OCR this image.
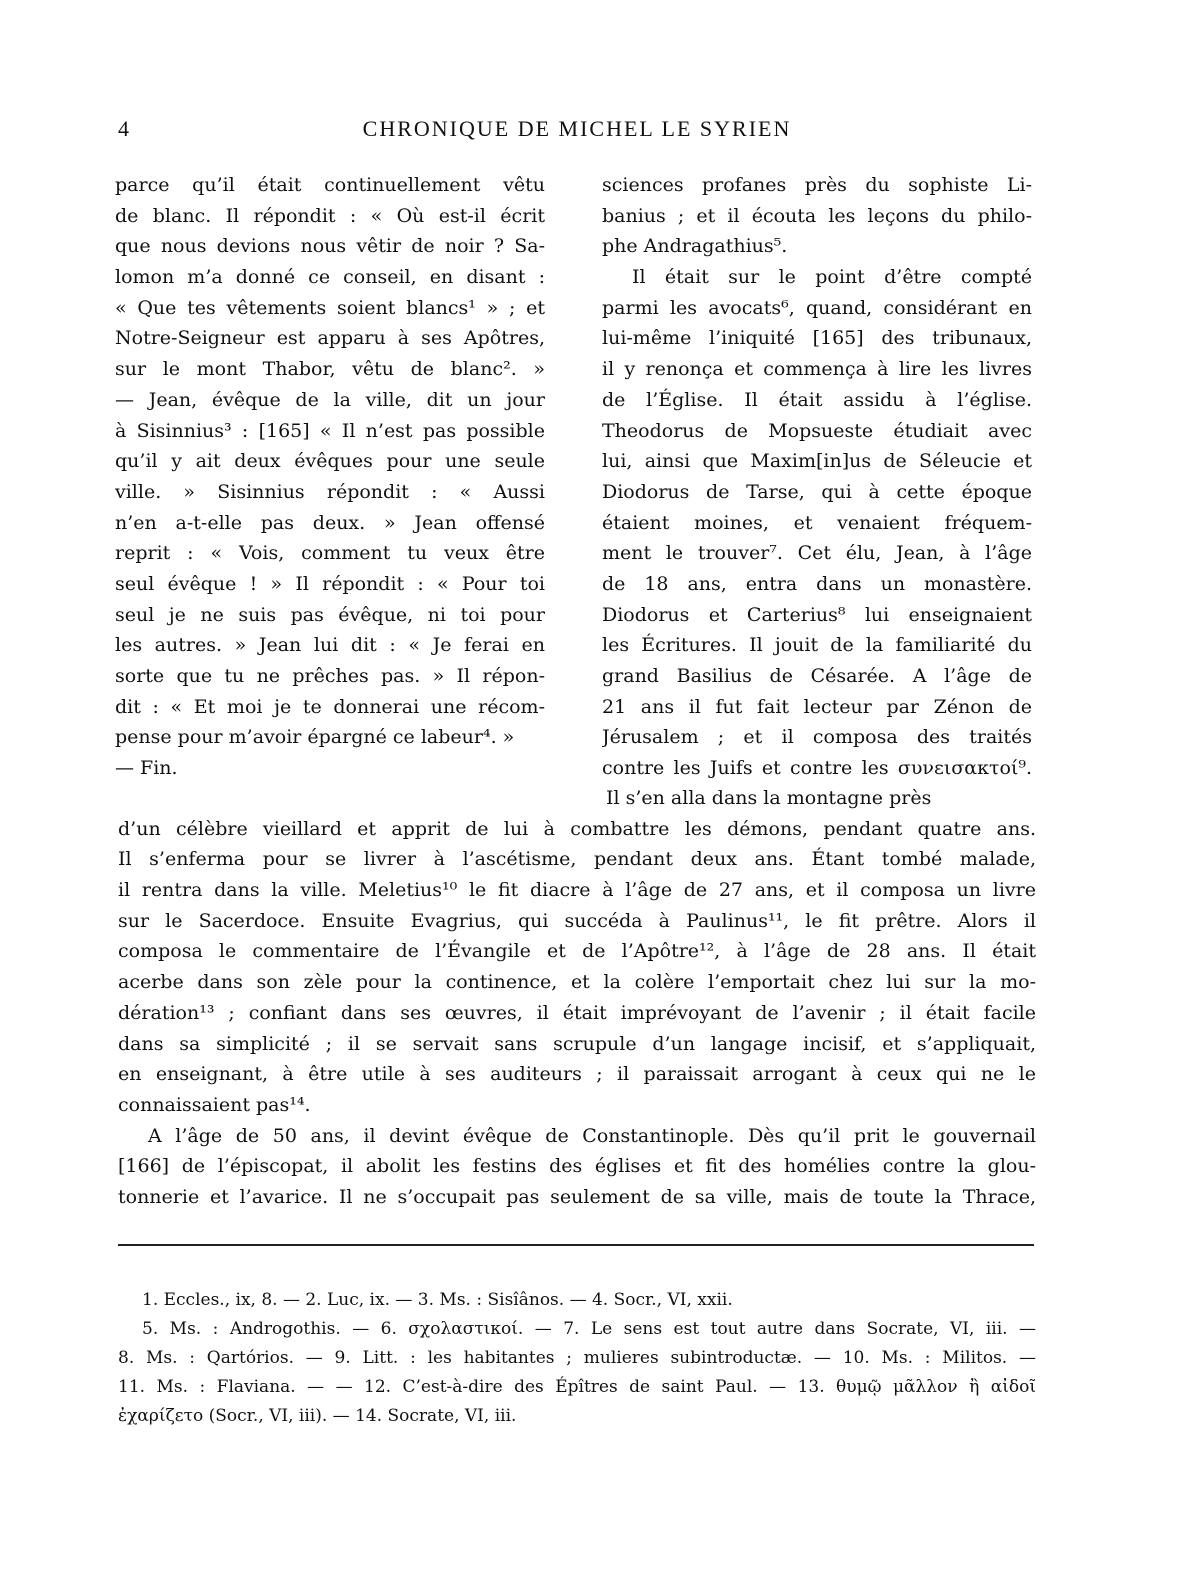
4	CHRONIQUE DE MICHEL LE SYRIEN
parce qu’il était continuellement vêtu
de blanc. Il répondit : « Où est-il écrit
que nous devions nous vêtir de noir ? Sa-
lomon m’a donné ce conseil, en disant :
« Que tes vêtements soient blancs¹ » ; et
Notre-Seigneur est apparu à ses Apôtres,
sur le mont Thabor, vêtu de blanc². »
— Jean, évêque de la ville, dit un jour
à Sisinnius³ : [165] « Il n’est pas possible
qu’il y ait deux évêques pour une seule
ville. » Sisinnius répondit : « Aussi
n’en a-t-elle pas deux. » Jean offensé
reprit : « Vois, comment tu veux être
seul évêque ! » Il répondit : « Pour toi
seul je ne suis pas évêque, ni toi pour
les autres. » Jean lui dit : « Je ferai en
sorte que tu ne prêches pas. » Il répon-
dit : « Et moi je te donnerai une récom-
pense pour m’avoir épargné ce labeur⁴. »
— Fin.
sciences profanes près du sophiste Li-
banius ; et il écouta les leçons du philo-
phe Andragathius⁵.
Il était sur le point d’être compté
parmi les avocats⁶, quand, considérant en
lui-même l’iniquité [165] des tribunaux,
il y renonça et commença à lire les livres
de l’Église. Il était assidu à l’église.
Theodorus de Mopsueste étudiait avec
lui, ainsi que Maxim[in]us de Séleucie et
Diodorus de Tarse, qui à cette époque
étaient moines, et venaient fréquem-
ment le trouver⁷. Cet élu, Jean, à l’âge
de 18 ans, entra dans un monastère.
Diodorus et Carterius⁸ lui enseignaient
les Écritures. Il jouit de la familiarité du
grand Basilius de Césarée. A l’âge de
21 ans il fut fait lecteur par Zénon de
Jérusalem ; et il composa des traités
contre les Juifs et contre les συνεισακτοί⁹.
Il s’en alla dans la montagne près
d’un célèbre vieillard et apprit de lui à combattre les démons, pendant quatre ans.
Il s’enferma pour se livrer à l’ascétisme, pendant deux ans. Étant tombé malade,
il rentra dans la ville. Meletius¹⁰ le fit diacre à l’âge de 27 ans, et il composa un livre
sur le Sacerdoce. Ensuite Evagrius, qui succéda à Paulinus¹¹, le fit prêtre. Alors il
composa le commentaire de l’Évangile et de l’Apôtre¹², à l’âge de 28 ans. Il était
acerbe dans son zèle pour la continence, et la colère l’emportait chez lui sur la mo-
dération¹³ ; confiant dans ses œuvres, il était imprévoyant de l’avenir ; il était facile
dans sa simplicité ; il se servait sans scrupule d’un langage incisif, et s’appliquait,
en enseignant, à être utile à ses auditeurs ; il paraissait arrogant à ceux qui ne le
connaissaient pas¹⁴.
A l’âge de 50 ans, il devint évêque de Constantinople. Dès qu’il prit le gouvernail
[166] de l’épiscopat, il abolit les festins des églises et fit des homélies contre la glou-
tonnerie et l’avarice. Il ne s’occupait pas seulement de sa ville, mais de toute la Thrace,
1. Eccles., ix, 8. — 2. Luc, ix. — 3. Ms. : Sisîânos. — 4. Socr., VI, xxii.
5. Ms. : Androgothis. — 6. σχολαστικοί. — 7. Le sens est tout autre dans Socrate, VI, iii. —
8. Ms. : Qartórios. — 9. Litt. : les habitantes ; mulieres subintroductæ. — 10. Ms. : Militos. —
11. Ms. : Flaviana. — — 12. C’est-à-dire des Épîtres de saint Paul. — 13. θυμῷ μᾶλλον ἢ αἰδοῖ
ἐχαρίζετο (Socr., VI, iii). — 14. Socrate, VI, iii.
